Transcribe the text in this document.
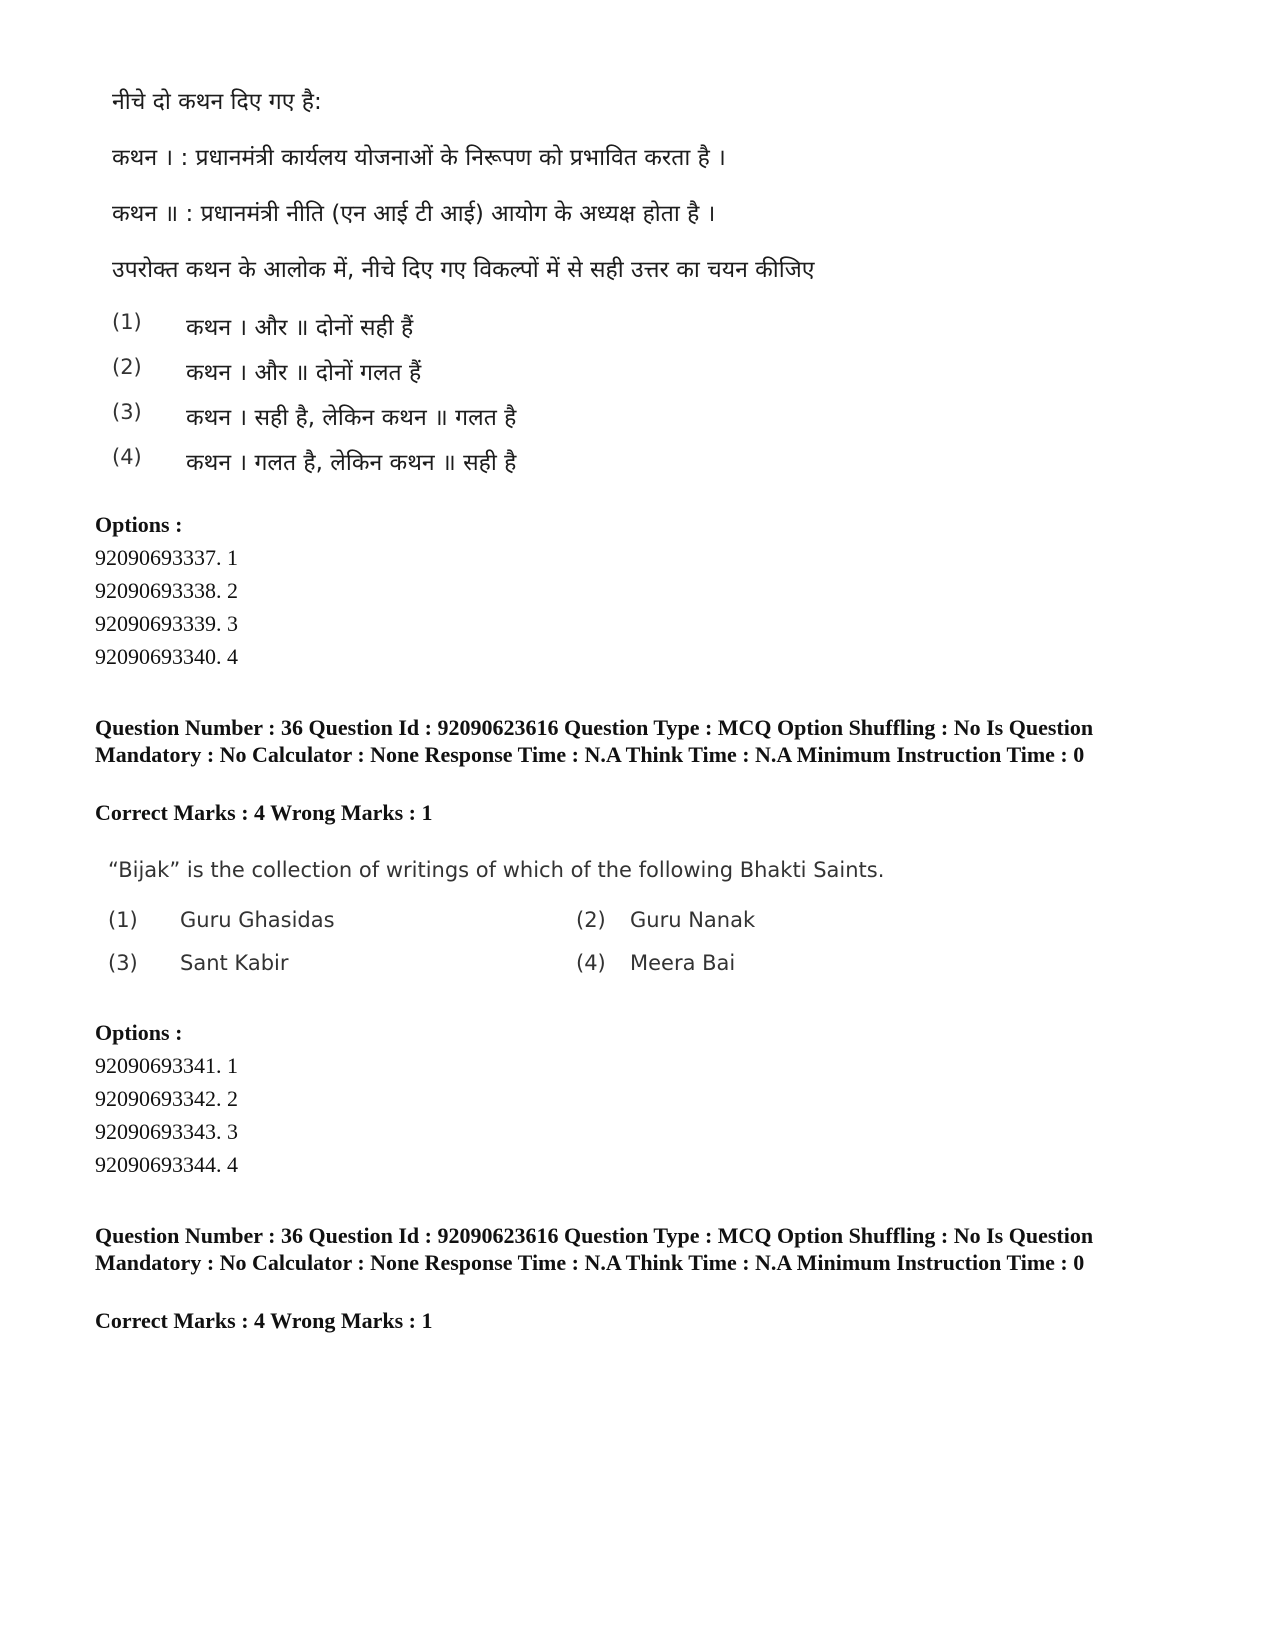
नीचे दो कथन दिए गए है:

कथन । : प्रधानमंत्री कार्यलय योजनाओं के निरूपण को प्रभावित करता है ।

कथन ॥ : प्रधानमंत्री नीति (एन आई टी आई) आयोग के अध्यक्ष होता है ।

उपरोक्त कथन के आलोक में, नीचे दिए गए विकल्पों में से सही उत्तर का चयन कीजिए

(1) कथन । और ॥ दोनों सही हैं
(2) कथन । और ॥ दोनों गलत हैं
(3) कथन । सही है, लेकिन कथन ॥ गलत है
(4) कथन । गलत है, लेकिन कथन ॥ सही है
Options :
92090693337. 1
92090693338. 2
92090693339. 3
92090693340. 4
Question Number : 36 Question Id : 92090623616 Question Type : MCQ Option Shuffling : No Is Question Mandatory : No Calculator : None Response Time : N.A Think Time : N.A Minimum Instruction Time : 0
Correct Marks : 4 Wrong Marks : 1
“Bijak” is the collection of writings of which of the following Bhakti Saints.
(1) Guru Ghasidas	(2) Guru Nanak
(3) Sant Kabir	(4) Meera Bai
Options :
92090693341. 1
92090693342. 2
92090693343. 3
92090693344. 4
Question Number : 36 Question Id : 92090623616 Question Type : MCQ Option Shuffling : No Is Question Mandatory : No Calculator : None Response Time : N.A Think Time : N.A Minimum Instruction Time : 0
Correct Marks : 4 Wrong Marks : 1
